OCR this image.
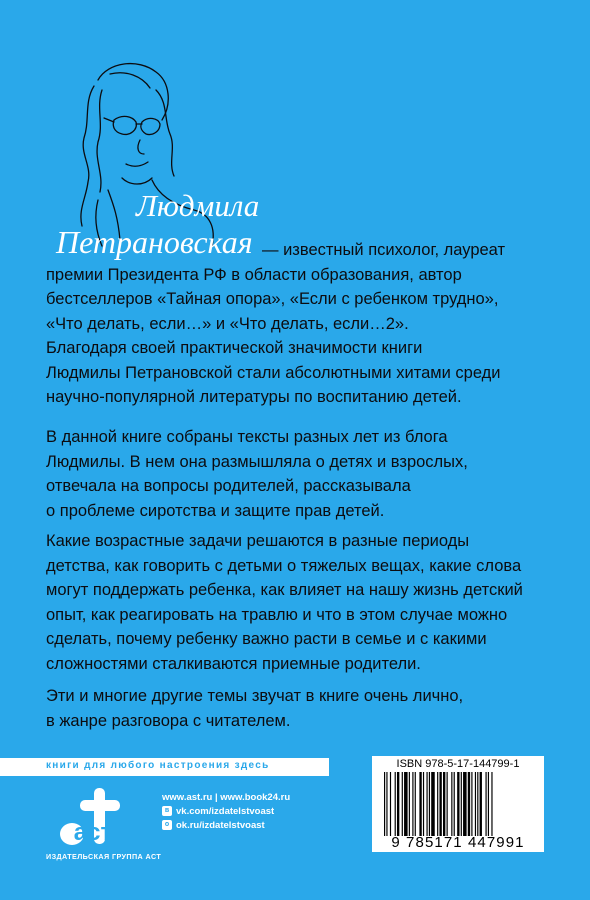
Людмила
Петрановская — известный психолог, лауреат
премии Президента РФ в области образования, автор
бестселлеров «Тайная опора», «Если с ребенком трудно»,
«Что делать, если…» и «Что делать, если…2».
Благодаря своей практической значимости книги
Людмилы Петрановской стали абсолютными хитами среди
научно-популярной литературы по воспитанию детей.
В данной книге собраны тексты разных лет из блога
Людмилы. В нем она размышляла о детях и взрослых,
отвечала на вопросы родителей, рассказывала
о проблеме сиротства и защите прав детей.
Какие возрастные задачи решаются в разные периоды
детства, как говорить с детьми о тяжелых вещах, какие слова
могут поддержать ребенка, как влияет на нашу жизнь детский
опыт, как реагировать на травлю и что в этом случае можно
сделать, почему ребенку важно расти в семье и с какими
сложностями сталкиваются приемные родители.
Эти и многие другие темы звучат в книге очень лично,
в жанре разговора с читателем.
книги для любого настроения здесь
аст
ИЗДАТЕЛЬСКАЯ ГРУППА АСТ
www.ast.ru | www.book24.ru
в vk.com/izdatelstvoast
о ok.ru/izdatelstvoast
ISBN 978-5-17-144799-1
9 785171 447991
